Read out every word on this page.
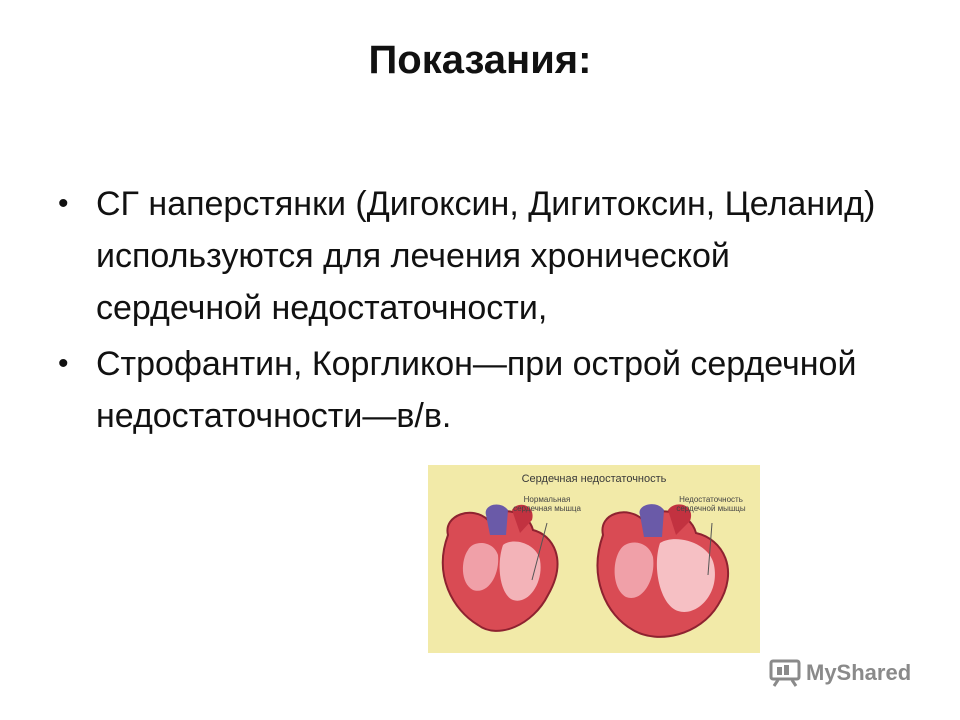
Показания:
• СГ наперстянки (Дигоксин, Дигитоксин, Целанид) используются для лечения хронической сердечной недостаточности,
• Строфантин, Коргликон—при острой сердечной недостаточности—в/в.
Сердечная недостаточность
Нормальная сердечная мышца
Недостаточность сердечной мышцы
MyShared
